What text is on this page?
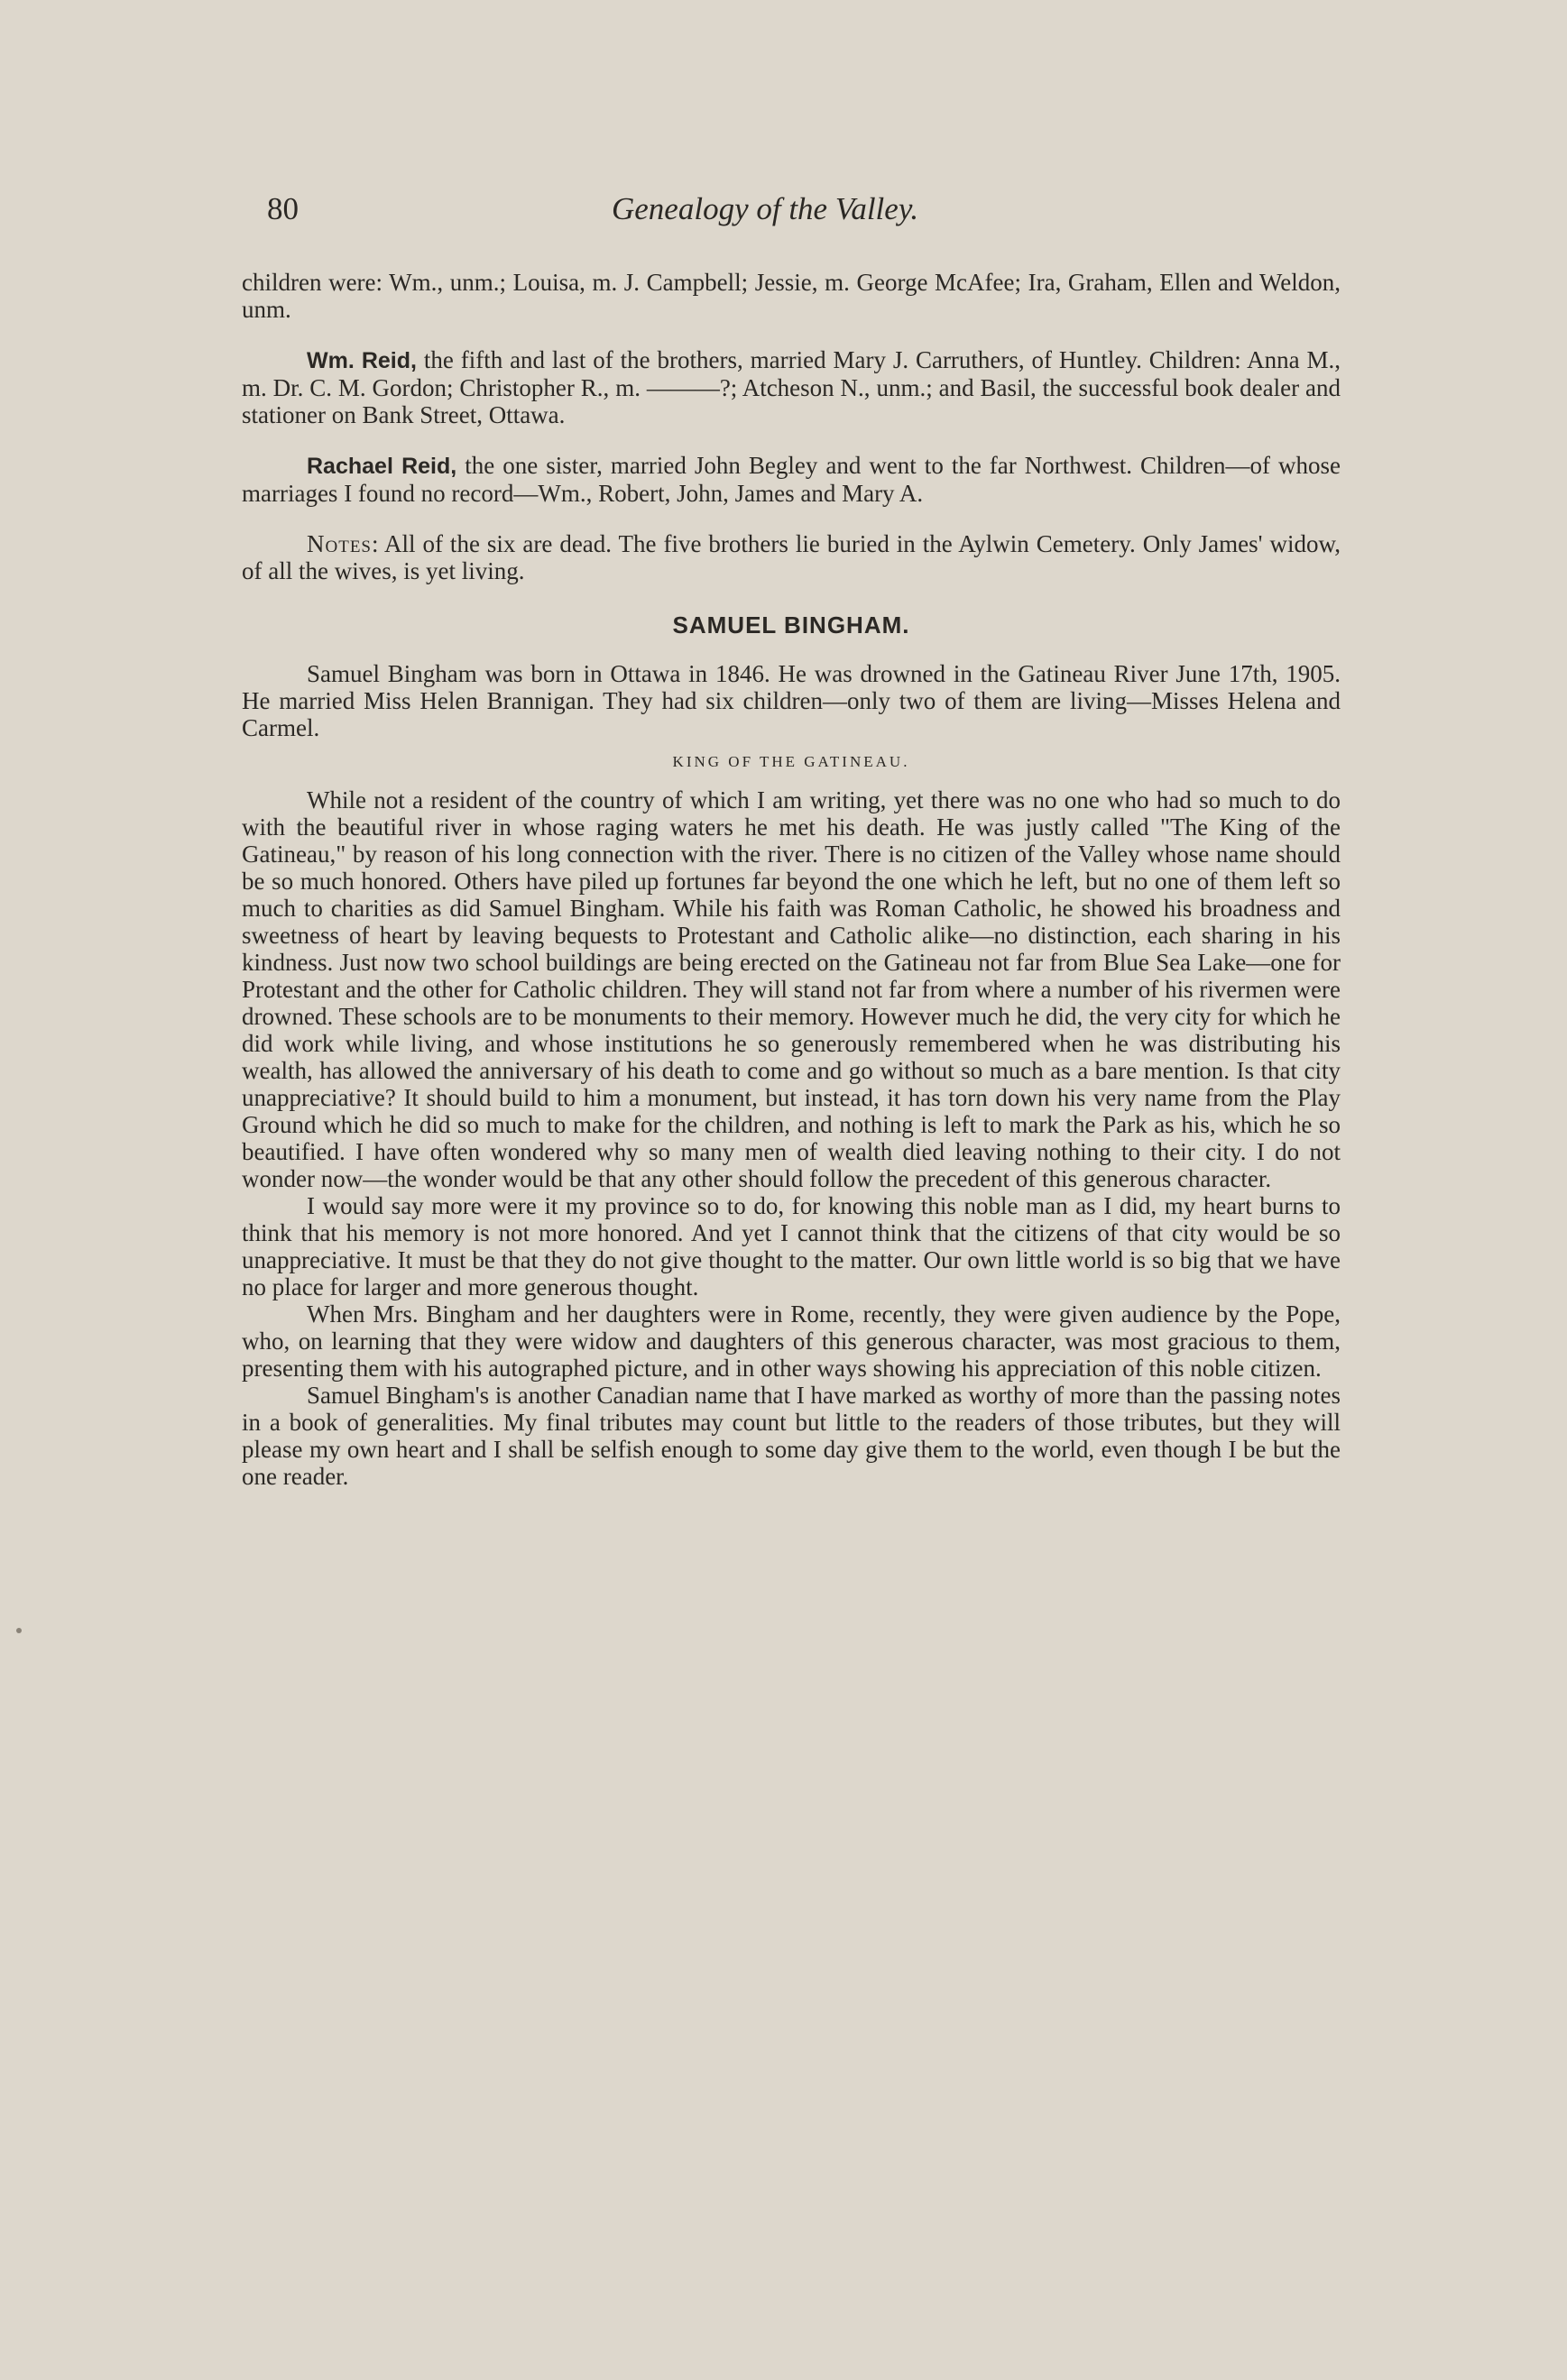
80	Genealogy of the Valley.

children were: Wm., unm.; Louisa, m. J. Campbell; Jessie, m. George McAfee; Ira, Graham, Ellen and Weldon, unm.

Wm. Reid, the fifth and last of the brothers, married Mary J. Carruthers, of Huntley. Children: Anna M., m. Dr. C. M. Gordon; Christopher R., m. ———?; Atcheson N., unm.; and Basil, the successful book dealer and stationer on Bank Street, Ottawa.

Rachael Reid, the one sister, married John Begley and went to the far Northwest. Children—of whose marriages I found no record—Wm., Robert, John, James and Mary A.

Notes: All of the six are dead. The five brothers lie buried in the Aylwin Cemetery. Only James' widow, of all the wives, is yet living.

SAMUEL BINGHAM.

Samuel Bingham was born in Ottawa in 1846. He was drowned in the Gatineau River June 17th, 1905. He married Miss Helen Brannigan. They had six children—only two of them are living—Misses Helena and Carmel.

KING OF THE GATINEAU.

While not a resident of the country of which I am writing, yet there was no one who had so much to do with the beautiful river in whose raging waters he met his death. He was justly called "The King of the Gatineau," by reason of his long connection with the river. There is no citizen of the Valley whose name should be so much honored. Others have piled up fortunes far beyond the one which he left, but no one of them left so much to charities as did Samuel Bingham. While his faith was Roman Catholic, he showed his broadness and sweetness of heart by leaving bequests to Protestant and Catholic alike—no distinction, each sharing in his kindness. Just now two school buildings are being erected on the Gatineau not far from Blue Sea Lake—one for Protestant and the other for Catholic children. They will stand not far from where a number of his rivermen were drowned. These schools are to be monuments to their memory. However much he did, the very city for which he did work while living, and whose institutions he so generously remembered when he was distributing his wealth, has allowed the anniversary of his death to come and go without so much as a bare mention. Is that city unappreciative? It should build to him a monument, but instead, it has torn down his very name from the Play Ground which he did so much to make for the children, and nothing is left to mark the Park as his, which he so beautified. I have often wondered why so many men of wealth died leaving nothing to their city. I do not wonder now—the wonder would be that any other should follow the precedent of this generous character.

I would say more were it my province so to do, for knowing this noble man as I did, my heart burns to think that his memory is not more honored. And yet I cannot think that the citizens of that city would be so unappreciative. It must be that they do not give thought to the matter. Our own little world is so big that we have no place for larger and more generous thought.

When Mrs. Bingham and her daughters were in Rome, recently, they were given audience by the Pope, who, on learning that they were widow and daughters of this generous character, was most gracious to them, presenting them with his autographed picture, and in other ways showing his appreciation of this noble citizen.

Samuel Bingham's is another Canadian name that I have marked as worthy of more than the passing notes in a book of generalities. My final tributes may count but little to the readers of those tributes, but they will please my own heart and I shall be selfish enough to some day give them to the world, even though I be but the one reader.
